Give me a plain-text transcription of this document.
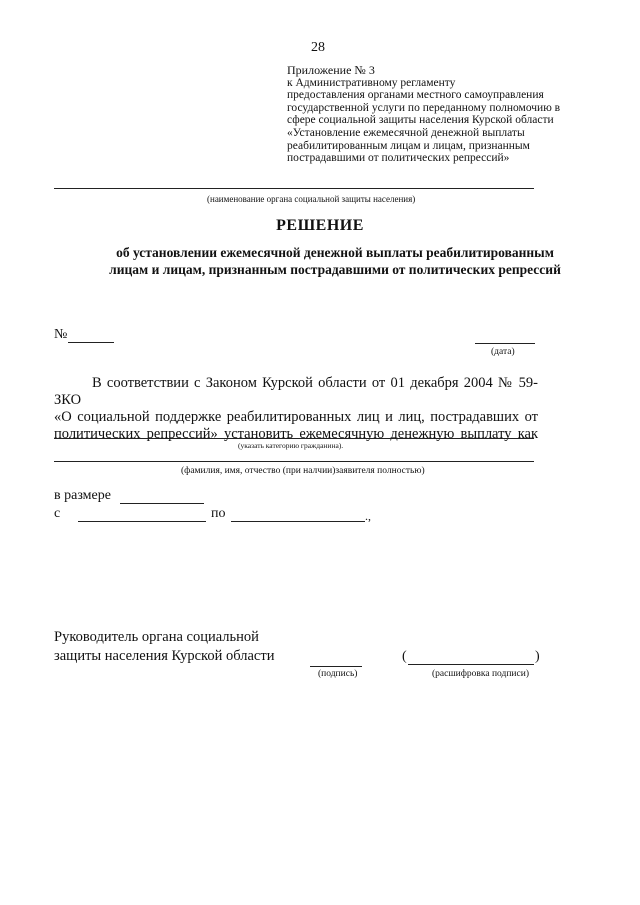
28
Приложение № 3
к Административному регламенту
предоставления органами местного самоуправления
государственной услуги по переданному полномочию в
сфере социальной защиты населения Курской области
«Установление ежемесячной денежной выплаты
реабилитированным лицам и лицам, признанным
пострадавшими от политических репрессий»
(наименование органа социальной защиты населения)
РЕШЕНИЕ
об установлении ежемесячной денежной выплаты реабилитированным
лицам и лицам, признанным пострадавшими от политических репрессий
№
(дата)

В соответствии с Законом Курской области от 01 декабря 2004 № 59-ЗКО

«О социальной поддержке реабилитированных лиц и лиц, пострадавших от

политических репрессий» установить ежемесячную денежную выплату как

(указать категорию гражданина).
(фамилия, имя, отчество (при налчии)заявителя полностью)
в размере
с	по	.,
Руководитель органа социальной
защиты населения Курской области
(подпись)
(	)
(расшифровка подписи)
